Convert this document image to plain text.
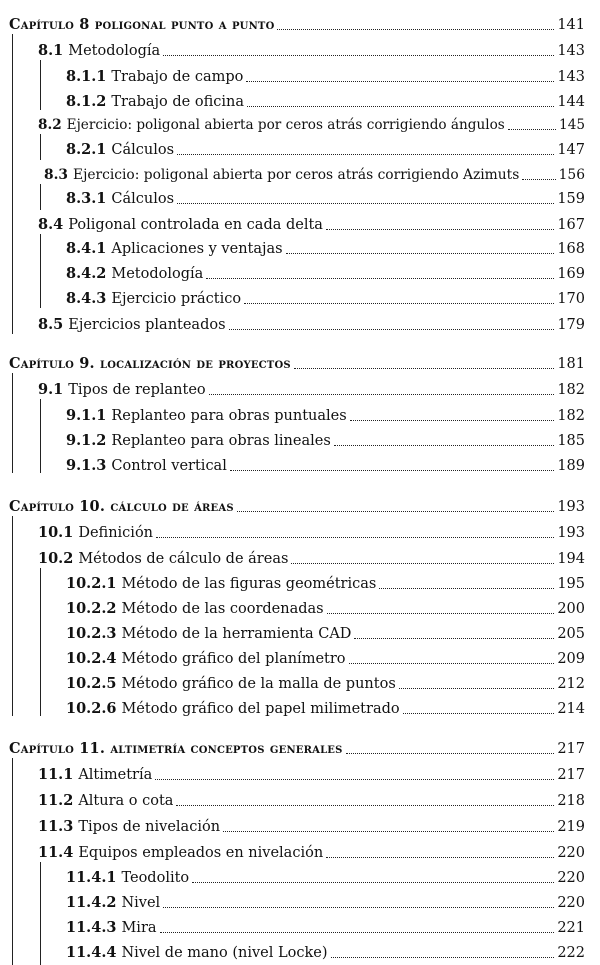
Capítulo 8 poligonal punto a punto	141
8.1 Metodología	143
8.1.1 Trabajo de campo	143
8.1.2 Trabajo de oficina	144
8.2 Ejercicio: poligonal abierta por ceros atrás corrigiendo ángulos	145
8.2.1 Cálculos	147
8.3 Ejercicio: poligonal abierta por ceros atrás corrigiendo Azimuts	156
8.3.1 Cálculos	159
8.4 Poligonal controlada en cada delta	167
8.4.1 Aplicaciones y ventajas	168
8.4.2 Metodología	169
8.4.3 Ejercicio práctico	170
8.5 Ejercicios planteados	179
Capítulo 9. localización de proyectos	181
9.1 Tipos de replanteo	182
9.1.1 Replanteo para obras puntuales	182
9.1.2 Replanteo para obras lineales	185
9.1.3 Control vertical	189
Capítulo 10. cálculo de áreas	193
10.1 Definición	193
10.2 Métodos de cálculo de áreas	194
10.2.1 Método de las figuras geométricas	195
10.2.2 Método de las coordenadas	200
10.2.3 Método de la herramienta CAD	205
10.2.4 Método gráfico del planímetro	209
10.2.5 Método gráfico de la malla de puntos	212
10.2.6 Método gráfico del papel milimetrado	214
Capítulo 11. altimetría conceptos generales	217
11.1 Altimetría	217
11.2 Altura o cota	218
11.3 Tipos de nivelación	219
11.4 Equipos empleados en nivelación	220
11.4.1 Teodolito	220
11.4.2 Nivel	220
11.4.3 Mira	221
11.4.4 Nivel de mano (nivel Locke)	222
